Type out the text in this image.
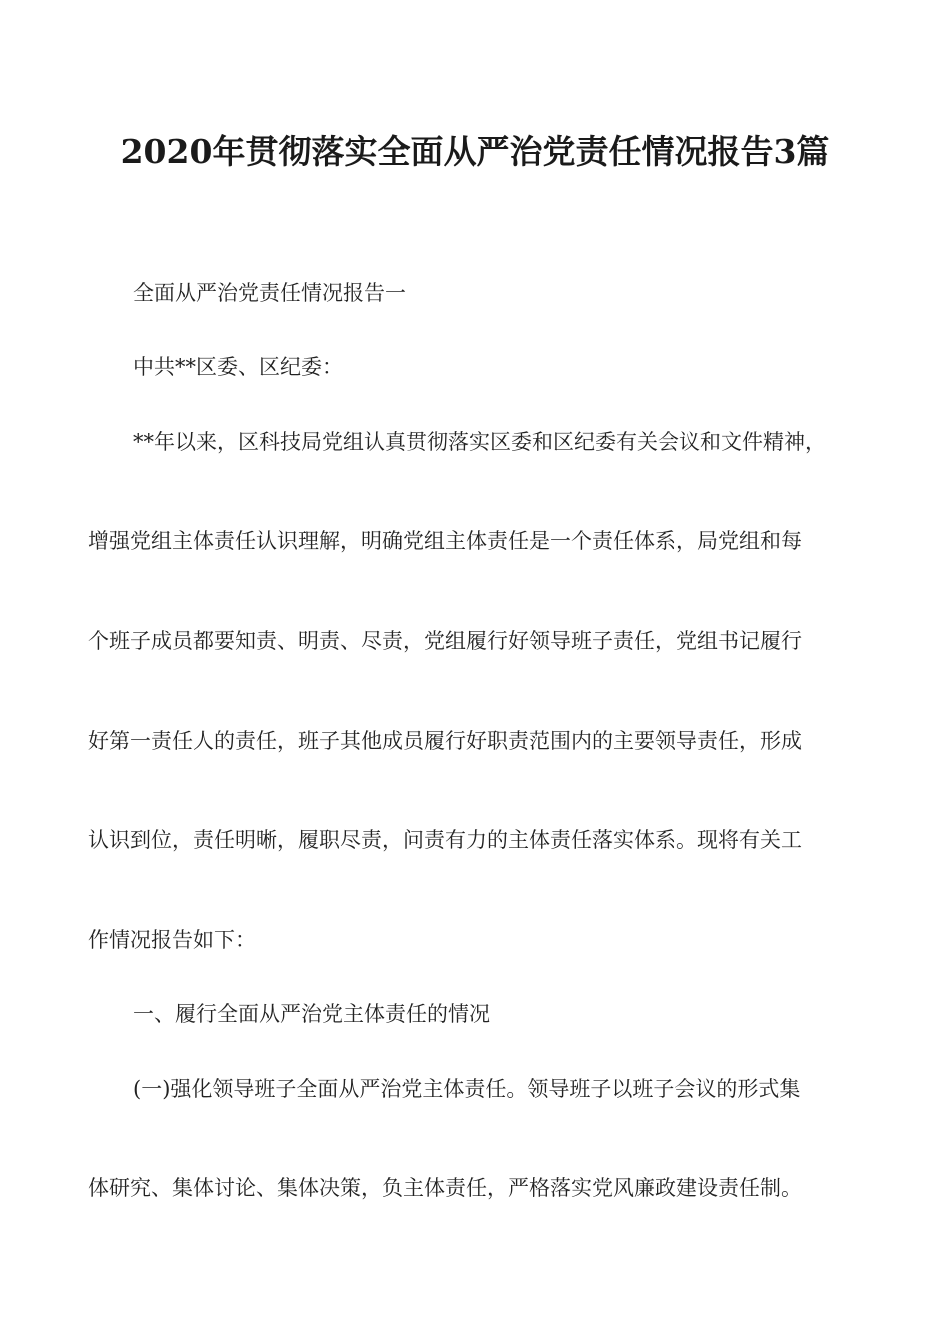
2020年贯彻落实全面从严治党责任情况报告3篇
全面从严治党责任情况报告一
中共**区委、区纪委：
**年以来，区科技局党组认真贯彻落实区委和区纪委有关会议和文件精神，
增强党组主体责任认识理解，明确党组主体责任是一个责任体系，局党组和每
个班子成员都要知责、明责、尽责，党组履行好领导班子责任，党组书记履行
好第一责任人的责任，班子其他成员履行好职责范围内的主要领导责任，形成
认识到位，责任明晰，履职尽责，问责有力的主体责任落实体系。现将有关工
作情况报告如下：
一、履行全面从严治党主体责任的情况
(一)强化领导班子全面从严治党主体责任。领导班子以班子会议的形式集
体研究、集体讨论、集体决策，负主体责任，严格落实党风廉政建设责任制。
